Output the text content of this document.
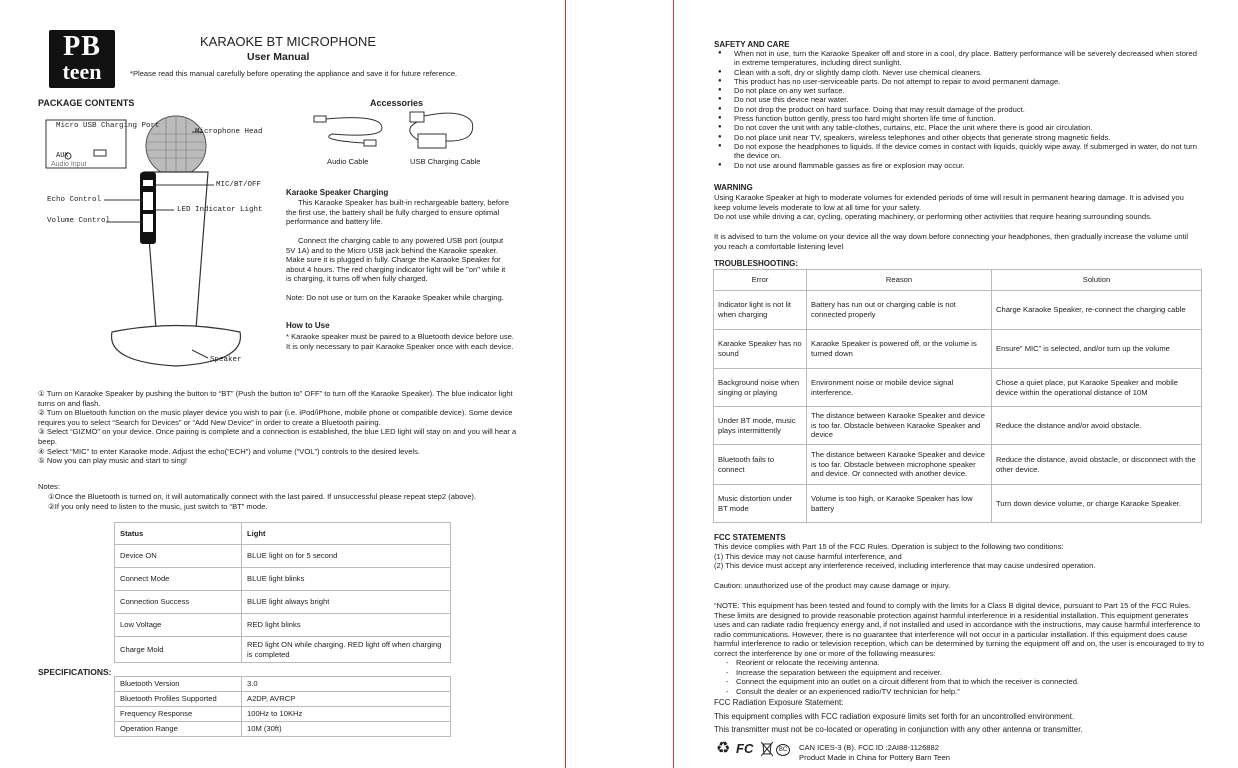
PB
teen
KARAOKE BT MICROPHONE
User Manual
*Please read this manual carefully before operating the appliance and save it for future reference.
PACKAGE CONTENTS	Accessories
Micro USB Charging Port
AUX
Audio Input
Microphone Head
MIC/BT/OFF
Echo Control
LED Indicator Light
Volume Control
Speaker
Audio Cable	USB Charging Cable
Karaoke Speaker Charging
This Karaoke Speaker has built-in rechargeable battery, before the first use, the battery shall be fully charged to ensure optimal performance and battery life.
Connect the charging cable to any powered USB port (output 5V 1A) and to the Micro USB jack behind the Karaoke speaker. Make sure it is plugged in fully. Charge the Karaoke Speaker for about 4 hours. The red charging indicator light will be "on" while it is charging, it turns off when fully charged.
Note: Do not use or turn on the Karaoke Speaker while charging.
How to Use
* Karaoke speaker must be paired to a Bluetooth device before use. It is only necessary to pair Karaoke Speaker once with each device.
① Turn on Karaoke Speaker by pushing the button to “BT” (Push the button to” OFF” to turn off the Karaoke Speaker). The blue indicator light turns on and flash.
② Turn on Bluetooth function on the music player device you wish to pair (i.e. iPod/iPhone, mobile phone or compatible device). Some device requires you to select “Search for Devices” or “Add New Device” in order to create a Bluetooth pairing.
③ Select “GIZMO” on your device. Once pairing is complete and a connection is established, the blue LED light will stay on and you will hear a beep.
④ Select “MIC” to enter Karaoke mode. Adjust the echo(“ECH”) and volume (“VOL”) controls to the desired levels.
⑤ Now you can play music and start to sing!
Notes:
①Once the Bluetooth is turned on, it will automatically connect with the last paired. If unsuccessful please repeat step2 (above).
②If you only need to listen to the music, just switch to “BT” mode.
Status	Light
Device ON	BLUE light on for 5 second
Connect Mode	BLUE light blinks
Connection Success	BLUE light always bright
Low Voltage	RED light blinks
Charge Mold	RED light ON while charging. RED light off when charging is completed
SPECIFICATIONS:
Bluetooth Version	3.0
Bluetooth Profiles Supported	A2DP, AVRCP
Frequency Response	100Hz to 10KHz
Operation Range	10M (30ft)
SAFETY AND CARE
● When not in use, turn the Karaoke Speaker off and store in a cool, dry place. Battery performance will be severely decreased when stored in extreme temperatures, including direct sunlight.
● Clean with a soft, dry or slightly damp cloth. Never use chemical cleaners.
● This product has no user-serviceable parts. Do not attempt to repair to avoid permanent damage.
● Do not place on any wet surface.
● Do not use this device near water.
● Do not drop the product on hard surface. Doing that may result damage of the product.
● Press function button gently, press too hard might shorten life time of function.
● Do not cover the unit with any table-clothes, curtains, etc. Place the unit where there is good air circulation.
● Do not place unit near TV, speakers, wireless telephones and other objects that generate strong magnetic fields.
● Do not expose the headphones to liquids. If the device comes in contact with liquids, quickly wipe away. If submerged in water, do not turn the device on.
● Do not use around flammable gasses as fire or explosion may occur.
WARNING
Using Karaoke Speaker at high to moderate volumes for extended periods of time will result in permanent hearing damage. It is advised you keep volume levels moderate to low at all time for your safety.
Do not use while driving a car, cycling, operating machinery, or performing other activities that require hearing surrounding sounds.
It is advised to turn the volume on your device all the way down before connecting your headphones, then gradually increase the volume until you reach a comfortable listening level
TROUBLESHOOTING:
Error	Reason	Solution
Indicator light is not lit when charging	Battery has run out or charging cable is not connected properly	Charge Karaoke Speaker, re-connect the charging cable
Karaoke Speaker has no sound	Karaoke Speaker is powered off, or the volume is turned down	Ensure” MIC” is selected, and/or turn up the volume
Background noise when singing or playing	Environment noise or mobile device signal interference.	Chose a quiet place, put Karaoke Speaker and mobile device within the operational distance of 10M
Under BT mode, music plays intermittently	The distance between Karaoke Speaker and device is too far. Obstacle between Karaoke Speaker and device	Reduce the distance and/or avoid obstacle.
Bluetooth fails to connect	The distance between Karaoke Speaker and device is too far. Obstacle between microphone speaker and device. Or connected with another device.	Reduce the distance, avoid obstacle, or disconnect with the other device.
Music distortion under BT mode	Volume is too high, or Karaoke Speaker has low battery	Turn down device volume, or charge Karaoke Speaker.
FCC STATEMENTS
This device complies with Part 15 of the FCC Rules. Operation is subject to the following two conditions:
(1) This device may not cause harmful interference, and
(2) This device must accept any interference received, including interference that may cause undesired operation.
Caution: unauthorized use of the product may cause damage or injury.
“NOTE: This equipment has been tested and found to comply with the limits for a Class B digital device, pursuant to Part 15 of the FCC Rules. These limits are designed to provide reasonable protection against harmful interference in a residential installation. This equipment generates uses and can radiate radio frequency energy and, if not installed and used in accordance with the instructions, may cause harmful interference to radio communications. However, there is no guarantee that interference will not occur in a particular installation. If this equipment does cause harmful interference to radio or television reception, which can be determined by turning the equipment off and on, the user is encouraged to try to correct the interference by one or more of the following measures:
- Reorient or relocate the receiving antenna.
- Increase the separation between the equipment and receiver.
- Connect the equipment into an outlet on a circuit different from that to which the receiver is connected.
- Consult the dealer or an experienced radio/TV technician for help.”
FCC Radiation Exposure Statement:
This equipment complies with FCC radiation exposure limits set forth for an uncontrolled environment.
This transmitter must not be co-located or operating in conjunction with any other antenna or transmitter.
♻ FC	BC	CAN ICES-3 (B). FCC ID :2AI88-1126882
Product Made in China for Pottery Barn Teen
